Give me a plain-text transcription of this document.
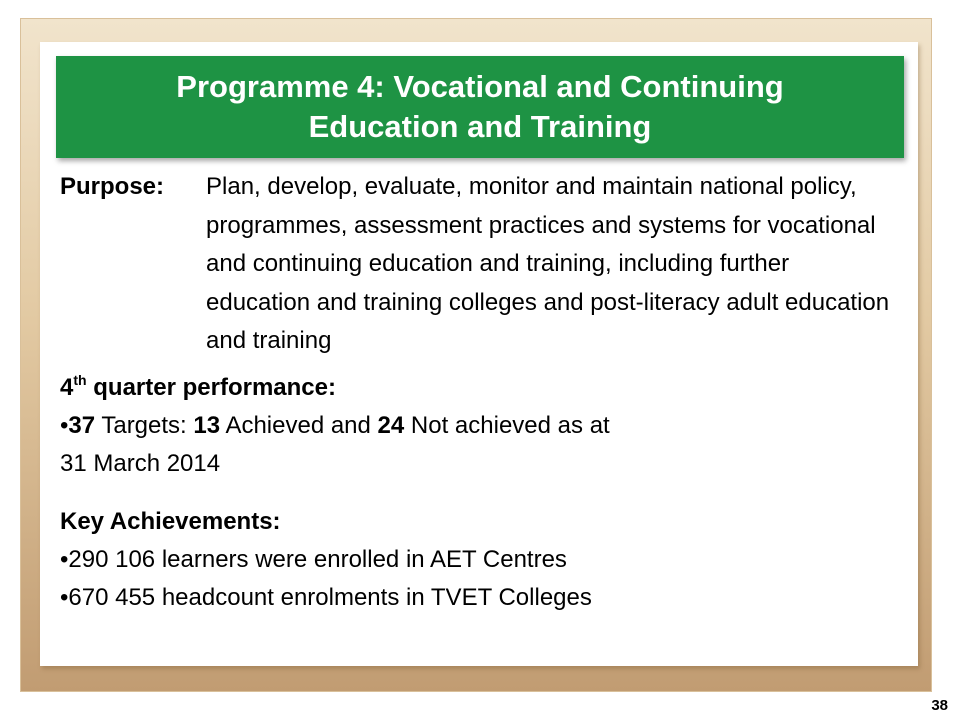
Programme 4: Vocational and Continuing Education and Training
Purpose:	Plan, develop, evaluate, monitor and maintain national policy, programmes, assessment practices and systems for vocational and continuing education and training, including further education and training colleges and post-literacy adult education and training
4th quarter performance:
•37 Targets: 13 Achieved and 24 Not achieved as at
31 March 2014
Key Achievements:
•290 106 learners were enrolled in AET Centres
•670 455 headcount enrolments in TVET Colleges
38
